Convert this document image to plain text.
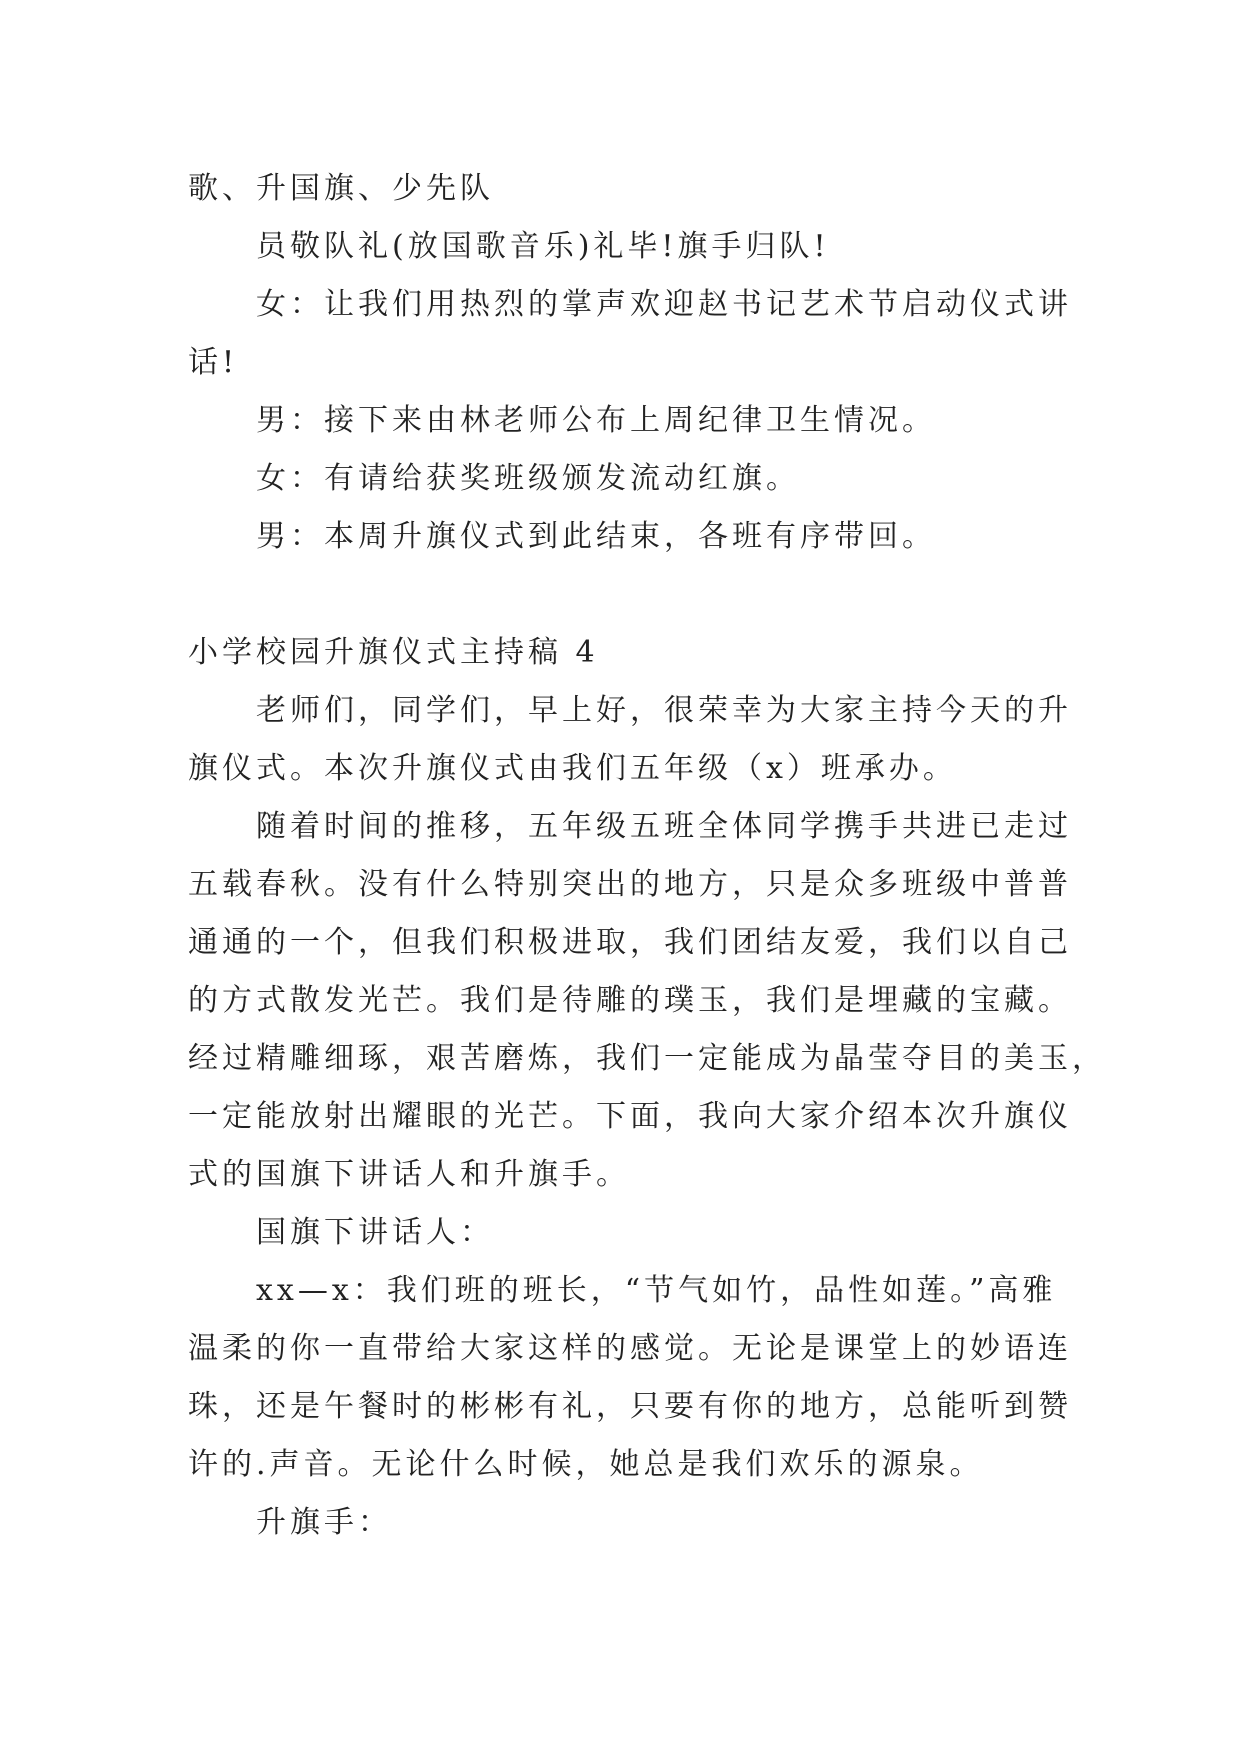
歌、升国旗、少先队
员敬队礼(放国歌音乐)礼毕!旗手归队!
女：让我们用热烈的掌声欢迎赵书记艺术节启动仪式讲
话!
男：接下来由林老师公布上周纪律卫生情况。
女：有请给获奖班级颁发流动红旗。
男：本周升旗仪式到此结束，各班有序带回。
小学校园升旗仪式主持稿 4
老师们，同学们，早上好，很荣幸为大家主持今天的升
旗仪式。本次升旗仪式由我们五年级（x）班承办。
随着时间的推移，五年级五班全体同学携手共进已走过
五载春秋。没有什么特别突出的地方，只是众多班级中普普
通通的一个，但我们积极进取，我们团结友爱，我们以自己
的方式散发光芒。我们是待雕的璞玉，我们是埋藏的宝藏。
经过精雕细琢，艰苦磨炼，我们一定能成为晶莹夺目的美玉，
一定能放射出耀眼的光芒。下面，我向大家介绍本次升旗仪
式的国旗下讲话人和升旗手。
国旗下讲话人：
xx—x：我们班的班长，“节气如竹，品性如莲。”高雅
温柔的你一直带给大家这样的感觉。无论是课堂上的妙语连
珠，还是午餐时的彬彬有礼，只要有你的地方，总能听到赞
许的.声音。无论什么时候，她总是我们欢乐的源泉。
升旗手：
